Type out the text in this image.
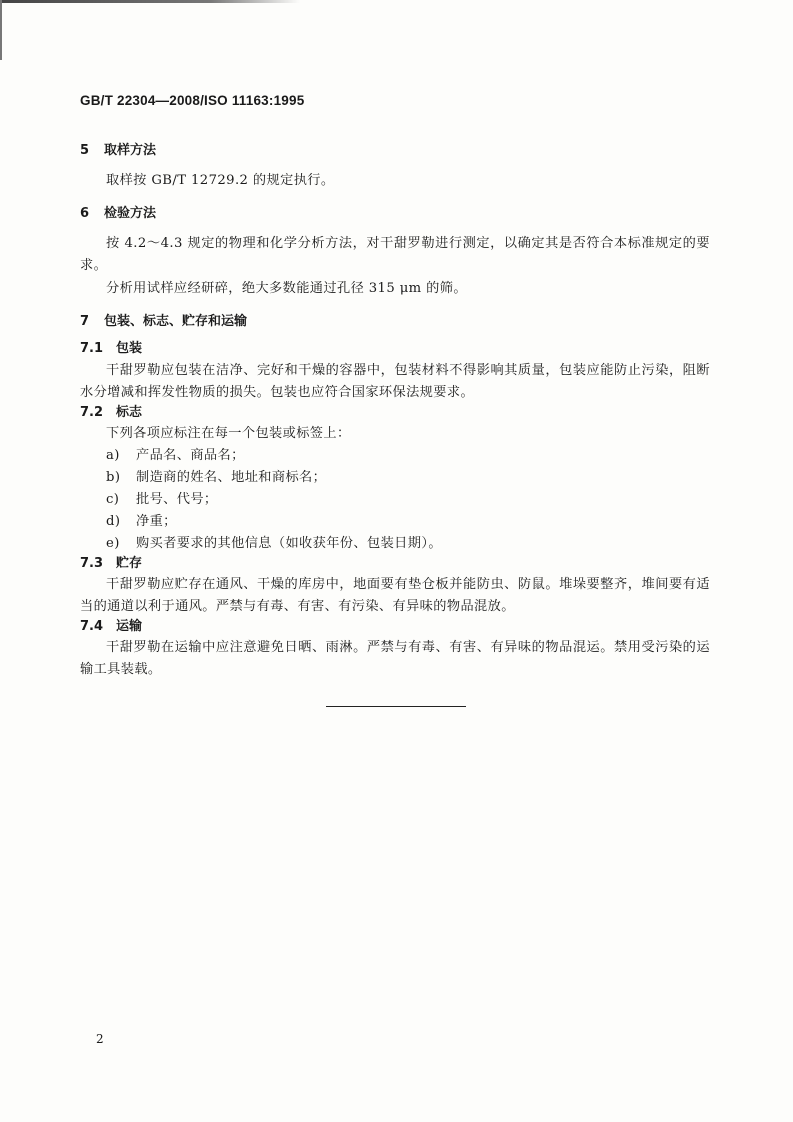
GB/T 22304—2008/ISO 11163:1995
5 取样方法

取样按 GB/T 12729.2 的规定执行。

6 检验方法

按 4.2～4.3 规定的物理和化学分析方法，对干甜罗勒进行测定，以确定其是否符合本标准规定的要求。

分析用试样应经研碎，绝大多数能通过孔径 315 μm 的筛。

7 包装、标志、贮存和运输
7.1 包装

干甜罗勒应包装在洁净、完好和干燥的容器中，包装材料不得影响其质量，包装应能防止污染，阻断水分增减和挥发性物质的损失。包装也应符合国家环保法规要求。

7.2 标志

下列各项应标注在每一个包装或标签上：

a) 产品名、商品名；
b) 制造商的姓名、地址和商标名；
c) 批号、代号；
d) 净重；
e) 购买者要求的其他信息（如收获年份、包装日期）。
7.3 贮存

干甜罗勒应贮存在通风、干燥的库房中，地面要有垫仓板并能防虫、防鼠。堆垛要整齐，堆间要有适当的通道以利于通风。严禁与有毒、有害、有污染、有异味的物品混放。

7.4 运输

干甜罗勒在运输中应注意避免日晒、雨淋。严禁与有毒、有害、有异味的物品混运。禁用受污染的运输工具装载。

2
